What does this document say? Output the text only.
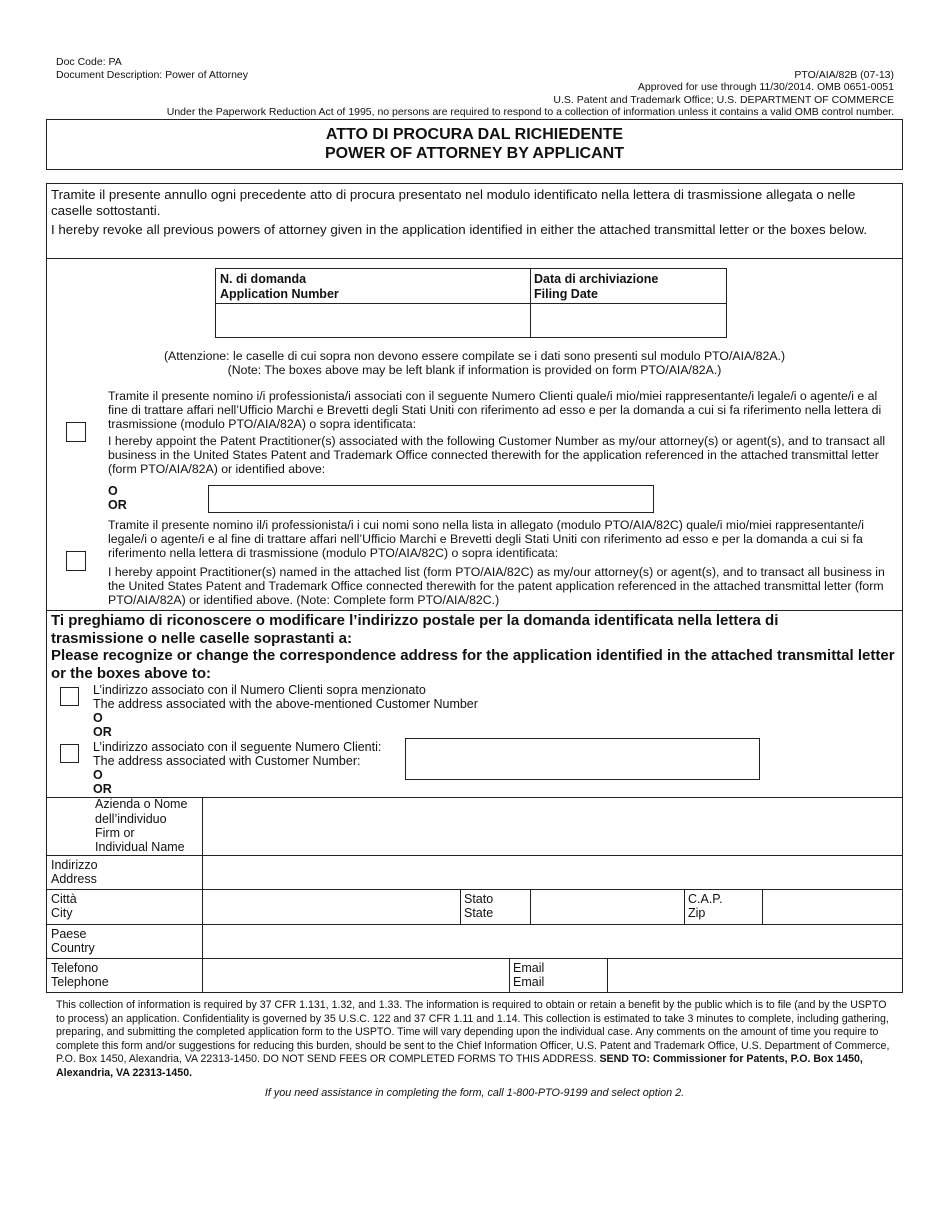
Doc Code: PA
Document Description: Power of Attorney	PTO/AIA/82B (07-13)
Approved for use through 11/30/2014. OMB 0651-0051
U.S. Patent and Trademark Office; U.S. DEPARTMENT OF COMMERCE
Under the Paperwork Reduction Act of 1995, no persons are required to respond to a collection of information unless it contains a valid OMB control number.
ATTO DI PROCURA DAL RICHIEDENTE
POWER OF ATTORNEY BY APPLICANT
Tramite il presente annullo ogni precedente atto di procura presentato nel modulo identificato nella lettera di trasmissione allegata o nelle caselle sottostanti.
I hereby revoke all previous powers of attorney given in the application identified in either the attached transmittal letter or the boxes below.
N. di domanda
Application Number
Data di archiviazione
Filing Date
(Attenzione: le caselle di cui sopra non devono essere compilate se i dati sono presenti sul modulo PTO/AIA/82A.)
(Note: The boxes above may be left blank if information is provided on form PTO/AIA/82A.)
Tramite il presente nomino i/i professionista/i associati con il seguente Numero Clienti quale/i mio/miei rappresentante/i legale/i o agente/i e al fine di trattare affari nell’Ufficio Marchi e Brevetti degli Stati Uniti con riferimento ad esso e per la domanda a cui si fa riferimento nella lettera di trasmissione (modulo PTO/AIA/82A) o sopra identificata:
I hereby appoint the Patent Practitioner(s) associated with the following Customer Number as my/our attorney(s) or agent(s), and to transact all business in the United States Patent and Trademark Office connected therewith for the application referenced in the attached transmittal letter (form PTO/AIA/82A) or identified above:
O
OR
Tramite il presente nomino il/i professionista/i i cui nomi sono nella lista in allegato (modulo PTO/AIA/82C) quale/i mio/miei rappresentante/i legale/i o agente/i e al fine di trattare affari nell’Ufficio Marchi e Brevetti degli Stati Uniti con riferimento ad esso e per la domanda a cui si fa riferimento nella lettera di trasmissione (modulo PTO/AIA/82C) o sopra identificata:
I hereby appoint Practitioner(s) named in the attached list (form PTO/AIA/82C) as my/our attorney(s) or agent(s), and to transact all business in the United States Patent and Trademark Office connected therewith for the patent application referenced in the attached transmittal letter (form PTO/AIA/82A) or identified above. (Note: Complete form PTO/AIA/82C.)
Ti preghiamo di riconoscere o modificare l’indirizzo postale per la domanda identificata nella lettera di trasmissione o nelle caselle soprastanti a:
Please recognize or change the correspondence address for the application identified in the attached transmittal letter or the boxes above to:
L’indirizzo associato con il Numero Clienti sopra menzionato
The address associated with the above-mentioned Customer Number
O
OR
L’indirizzo associato con il seguente Numero Clienti:
The address associated with Customer Number:
O
OR
Azienda o Nome
dell’individuo
Firm or
Individual Name
Indirizzo
Address
Città
City
Stato
State
C.A.P.
Zip
Paese
Country
Telefono
Telephone
Email
Email
This collection of information is required by 37 CFR 1.131, 1.32, and 1.33. The information is required to obtain or retain a benefit by the public which is to file (and by the USPTO to process) an application. Confidentiality is governed by 35 U.S.C. 122 and 37 CFR 1.11 and 1.14. This collection is estimated to take 3 minutes to complete, including gathering, preparing, and submitting the completed application form to the USPTO. Time will vary depending upon the individual case. Any comments on the amount of time you require to complete this form and/or suggestions for reducing this burden, should be sent to the Chief Information Officer, U.S. Patent and Trademark Office, U.S. Department of Commerce, P.O. Box 1450, Alexandria, VA 22313-1450. DO NOT SEND FEES OR COMPLETED FORMS TO THIS ADDRESS. SEND TO: Commissioner for Patents, P.O. Box 1450, Alexandria, VA 22313-1450.
If you need assistance in completing the form, call 1-800-PTO-9199 and select option 2.
